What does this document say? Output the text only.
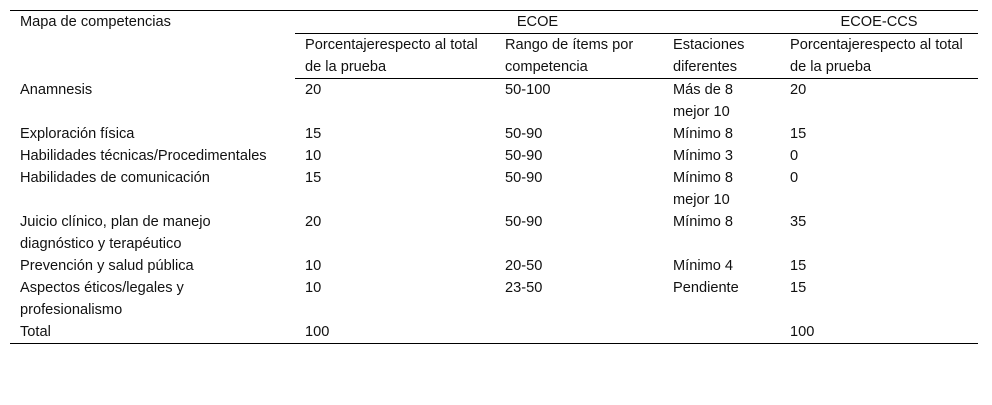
Mapa de competencias	ECOE			ECOE-CCS
	Porcentajerespecto al total de la prueba	Rango de ítems por competencia	Estaciones diferentes	Porcentajerespecto al total de la prueba
Anamnesis	20	50-100	Más de 8 mejor 10	20
Exploración física	15	50-90	Mínimo 8	15
Habilidades técnicas/Procedimentales	10	50-90	Mínimo 3	0
Habilidades de comunicación	15	50-90	Mínimo 8 mejor 10	0
Juicio clínico, plan de manejo diagnóstico y terapéutico	20	50-90	Mínimo 8	35
Prevención y salud pública	10	20-50	Mínimo 4	15
Aspectos éticos/legales y profesionalismo	10	23-50	Pendiente	15
Total	100			100
